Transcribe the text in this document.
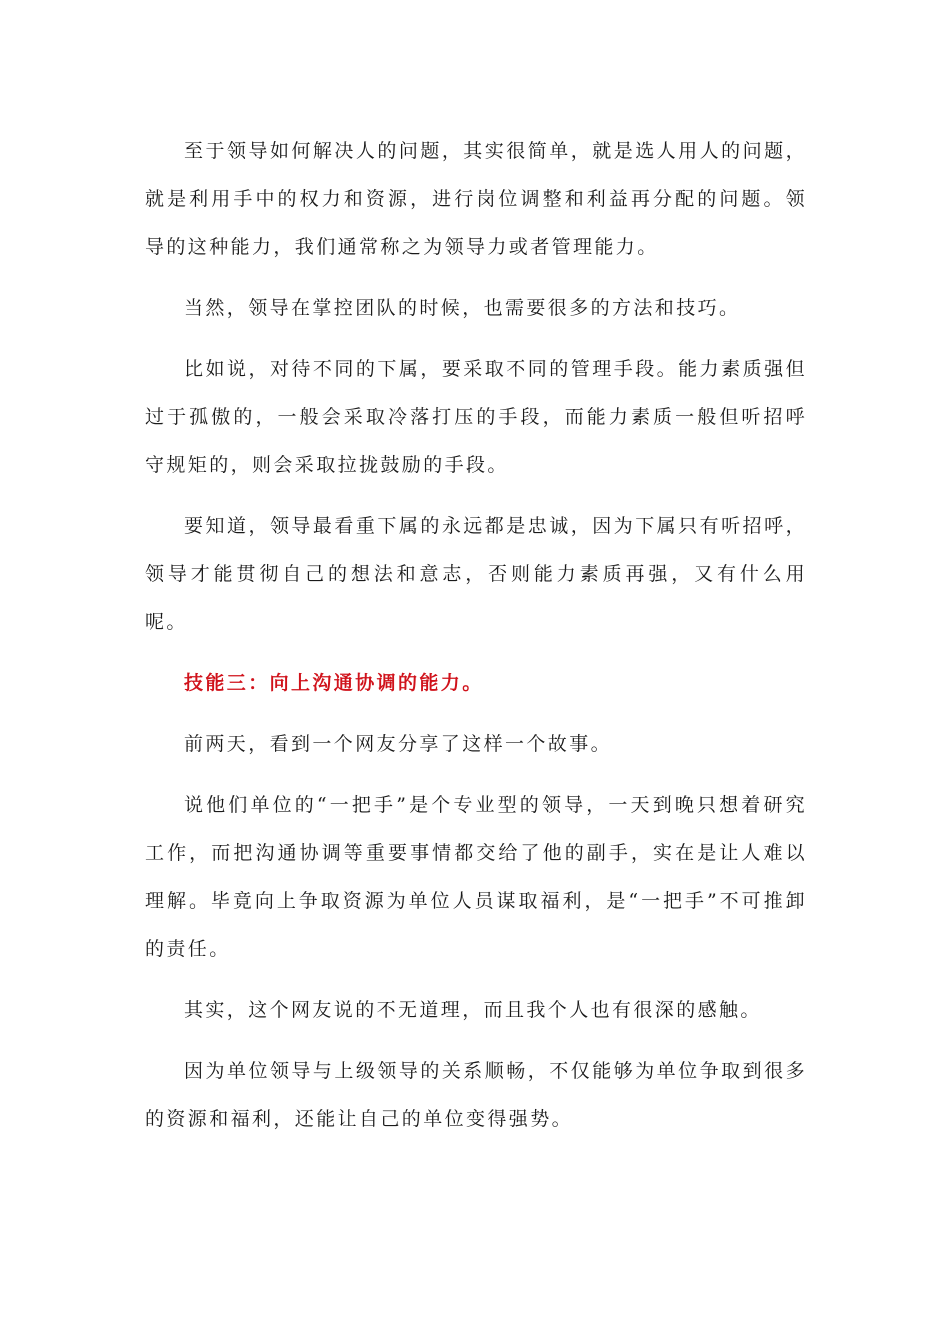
至于领导如何解决人的问题，其实很简单，就是选人用人的问题，就是利用手中的权力和资源，进行岗位调整和利益再分配的问题。领导的这种能力，我们通常称之为领导力或者管理能力。

当然，领导在掌控团队的时候，也需要很多的方法和技巧。

比如说，对待不同的下属，要采取不同的管理手段。能力素质强但过于孤傲的，一般会采取冷落打压的手段，而能力素质一般但听招呼守规矩的，则会采取拉拢鼓励的手段。

要知道，领导最看重下属的永远都是忠诚，因为下属只有听招呼，领导才能贯彻自己的想法和意志，否则能力素质再强，又有什么用呢。

技能三：向上沟通协调的能力。

前两天，看到一个网友分享了这样一个故事。

说他们单位的“一把手”是个专业型的领导，一天到晚只想着研究工作，而把沟通协调等重要事情都交给了他的副手，实在是让人难以理解。毕竟向上争取资源为单位人员谋取福利，是“一把手”不可推卸的责任。

其实，这个网友说的不无道理，而且我个人也有很深的感触。

因为单位领导与上级领导的关系顺畅，不仅能够为单位争取到很多的资源和福利，还能让自己的单位变得强势。
